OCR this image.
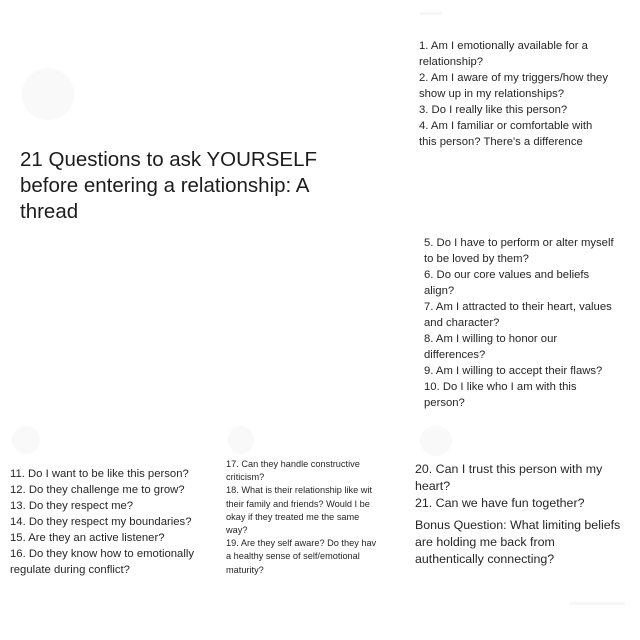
21 Questions to ask YOURSELF
before entering a relationship: A
thread
1. Am I emotionally available for a
relationship?
2. Am I aware of my triggers/how they
show up in my relationships?
3. Do I really like this person?
4. Am I familiar or comfortable with
this person? There's a difference
5. Do I have to perform or alter myself
to be loved by them?
6. Do our core values and beliefs
align?
7. Am I attracted to their heart, values
and character?
8. Am I willing to honor our
differences?
9. Am I willing to accept their flaws?
10. Do I like who I am with this
person?
11. Do I want to be like this person?
12. Do they challenge me to grow?
13. Do they respect me?
14. Do they respect my boundaries?
15. Are they an active listener?
16. Do they know how to emotionally
regulate during conflict?
17. Can they handle constructive
criticism?
18. What is their relationship like wit
their family and friends? Would I be
okay if they treated me the same
way?
19. Are they self aware? Do they hav
a healthy sense of self/emotional
maturity?
20. Can I trust this person with my
heart?
21. Can we have fun together?
Bonus Question: What limiting beliefs
are holding me back from
authentically connecting?
